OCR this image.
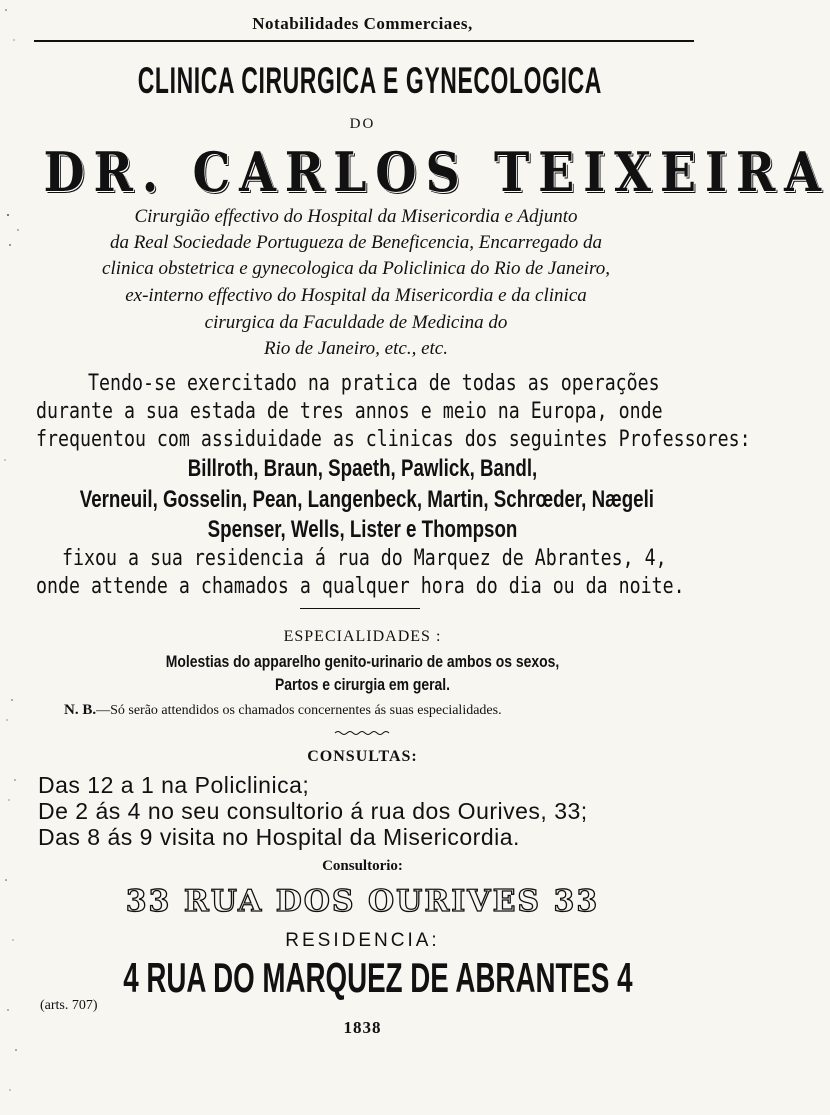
Notabilidades Commerciaes,
CLINICA CIRURGICA E GYNECOLOGICA
DO
DR. CARLOS TEIXEIRA
Cirurgião effectivo do Hospital da Misericordia e Adjunto
da Real Sociedade Portugueza de Beneficencia, Encarregado da
clinica obstetrica e gynecologica da Policlinica do Rio de Janeiro,
ex-interno effectivo do Hospital da Misericordia e da clinica
cirurgica da Faculdade de Medicina do
Rio de Janeiro, etc., etc.
Tendo-se exercitado na pratica de todas as operações
durante a sua estada de tres annos e meio na Europa, onde
frequentou com assiduidade as clinicas dos seguintes Professores:
Billroth, Braun, Spaeth, Pawlick, Bandl,
Verneuil, Gosselin, Pean, Langenbeck, Martin, Schrœder, Nægeli
Spenser, Wells, Lister e Thompson
fixou a sua residencia á rua do Marquez de Abrantes, 4,
onde attende a chamados a qualquer hora do dia ou da noite.
ESPECIALIDADES :
Molestias do apparelho genito-urinario de ambos os sexos,
Partos e cirurgia em geral.
N. B.—Só serão attendidos os chamados concernentes ás suas especialidades.
CONSULTAS:
Das 12 a 1 na Policlinica;
De 2 ás 4 no seu consultorio á rua dos Ourives, 33;
Das 8 ás 9 visita no Hospital da Misericordia.
Consultorio:
33 RUA DOS OURIVES 33
RESIDENCIA:
4 RUA DO MARQUEZ DE ABRANTES 4
(arts. 707)
1838
